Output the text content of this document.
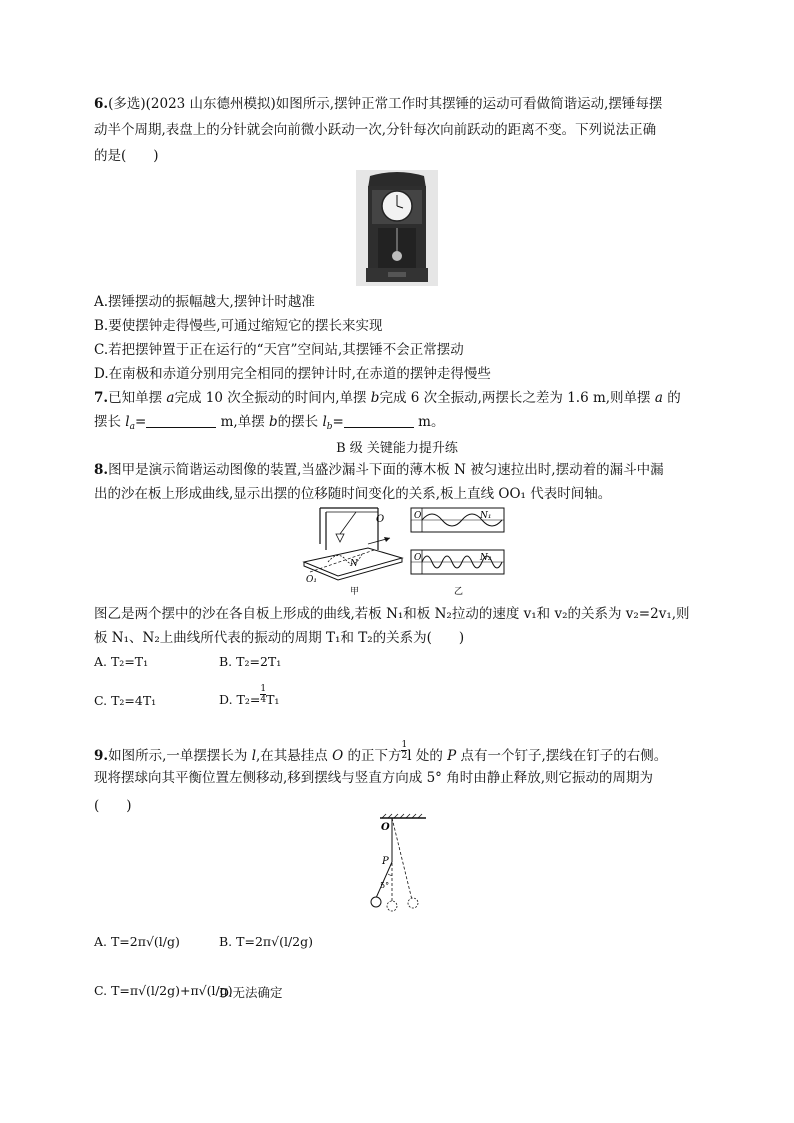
6.(多选)(2023 山东德州模拟)如图所示,摆钟正常工作时其摆锤的运动可看做简谐运动,摆锤每摆
动半个周期,表盘上的分针就会向前微小跃动一次,分针每次向前跃动的距离不变。下列说法正确
的是(　　)
A.摆锤摆动的振幅越大,摆钟计时越准
B.要使摆钟走得慢些,可通过缩短它的摆长来实现
C.若把摆钟置于正在运行的“天宫”空间站,其摆锤不会正常摆动
D.在南极和赤道分别用完全相同的摆钟计时,在赤道的摆钟走得慢些
7.已知单摆 a完成 10 次全振动的时间内,单摆 b完成 6 次全振动,两摆长之差为 1.6 m,则单摆 a 的
摆长 $l_a=$	m,单摆 b的摆长 $l_b=$	m。
B 级 关键能力提升练
8.图甲是演示简谐运动图像的装置,当盛沙漏斗下面的薄木板 N 被匀速拉出时,摆动着的漏斗中漏
出的沙在板上形成曲线,显示出摆的位移随时间变化的关系,板上直线 OO₁ 代表时间轴。
O
O₁
N
甲
O	N₁
O	N₂
乙
图乙是两个摆中的沙在各自板上形成的曲线,若板 N₁和板 N₂拉动的速度 v₁和 v₂的关系为 v₂=2v₁,则
板 N₁、N₂上曲线所代表的振动的周期 T₁和 T₂的关系为(　　)
A. T₂=T₁	B. T₂=2T₁
C. T₂=4T₁	D. $T_2=\frac{1}{4} T_1$
9.如图所示,一单摆摆长为 l,在其悬挂点 O 的正下方$\frac{1}{2}$ l 处的 P 点有一个钉子,摆线在钉子的右侧。
现将摆球向其平衡位置左侧移动,移到摆线与竖直方向成 5° 角时由静止释放,则它振动的周期为
(　　)
O
P
5°
A. T=2π√(l/g)	B. T=2π√(l/2g)
C. T=π√(l/2g)+π√(l/g)
D.无法确定
